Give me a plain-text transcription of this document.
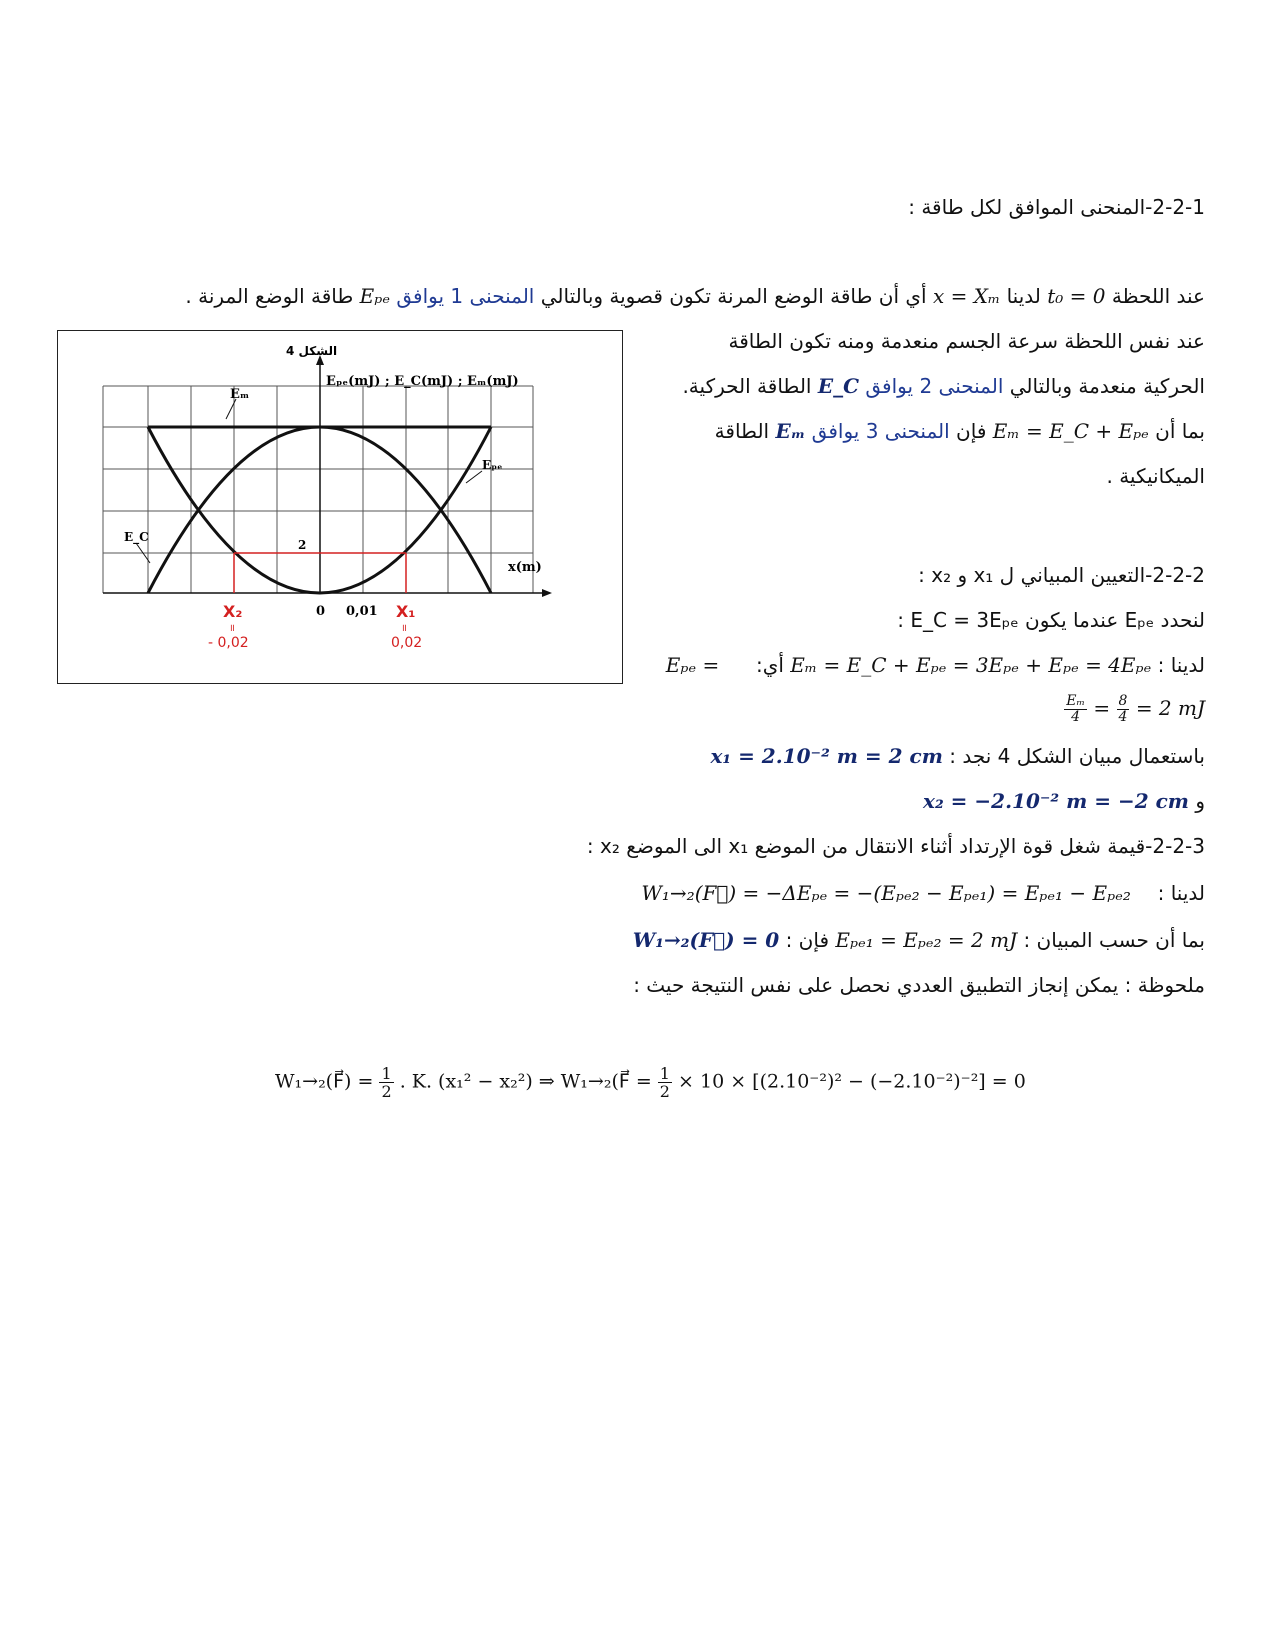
2-2-1-المنحنى الموافق لكل طاقة :
عند اللحظة t₀ = 0 لدينا x = Xₘ أي أن طاقة الوضع المرنة تكون قصوية وبالتالي المنحنى 1 يوافق Eₚₑ طاقة الوضع المرنة .
عند نفس اللحظة سرعة الجسم منعدمة ومنه تكون الطاقة
الحركية منعدمة وبالتالي المنحنى 2 يوافق E_C الطاقة الحركية.
بما أن Eₘ = E_C + Eₚₑ فإن المنحنى 3 يوافق Eₘ الطاقة
الميكانيكية .
2-2-2-التعيين المبياني ل x₁ و x₂ :
لنحدد Eₚₑ عندما يكون E_C = 3Eₚₑ :
لدينا : Eₘ = E_C + Eₚₑ = 3Eₚₑ + Eₚₑ = 4Eₚₑ أي:  Eₚₑ =
$\frac{\text{Eₘ}}{4} = \frac{8}{4} = 2$ mJ
باستعمال مبيان الشكل 4 نجد : x₁ = 2.10⁻² m = 2 cm
و x₂ = −2.10⁻² m = −2 cm
2-2-3-قيمة شغل قوة الإرتداد أثناء الانتقال من الموضع x₁ الى الموضع x₂ :
لدينا :  W₁→₂(F⃗) = −ΔEₚₑ = −(Eₚₑ₂ − Eₚₑ₁) = Eₚₑ₁ − Eₚₑ₂
بما أن حسب المبيان : Eₚₑ₁ = Eₚₑ₂ = 2 mJ فإن : W₁→₂(F⃗) = 0
ملحوظة : يمكن إنجاز التطبيق العددي نحصل على نفس النتيجة حيث :
W₁→₂(F⃗) = $\frac{1}{2}$ . K. (x₁² − x₂²) ⇒ W₁→₂(F⃗ = $\frac{1}{2} \times 10 \times [(2.10^{-2})^2 - (-2.10^{-2})^{-2}] = 0$
الشكل 4
Eₚₑ(mJ) ; E_C(mJ) ; Eₘ(mJ)
Eₘ
Eₚₑ
E_C
2
x(m)
0 0,01 X₁
॥
0,02
X₂
॥
- 0,02
